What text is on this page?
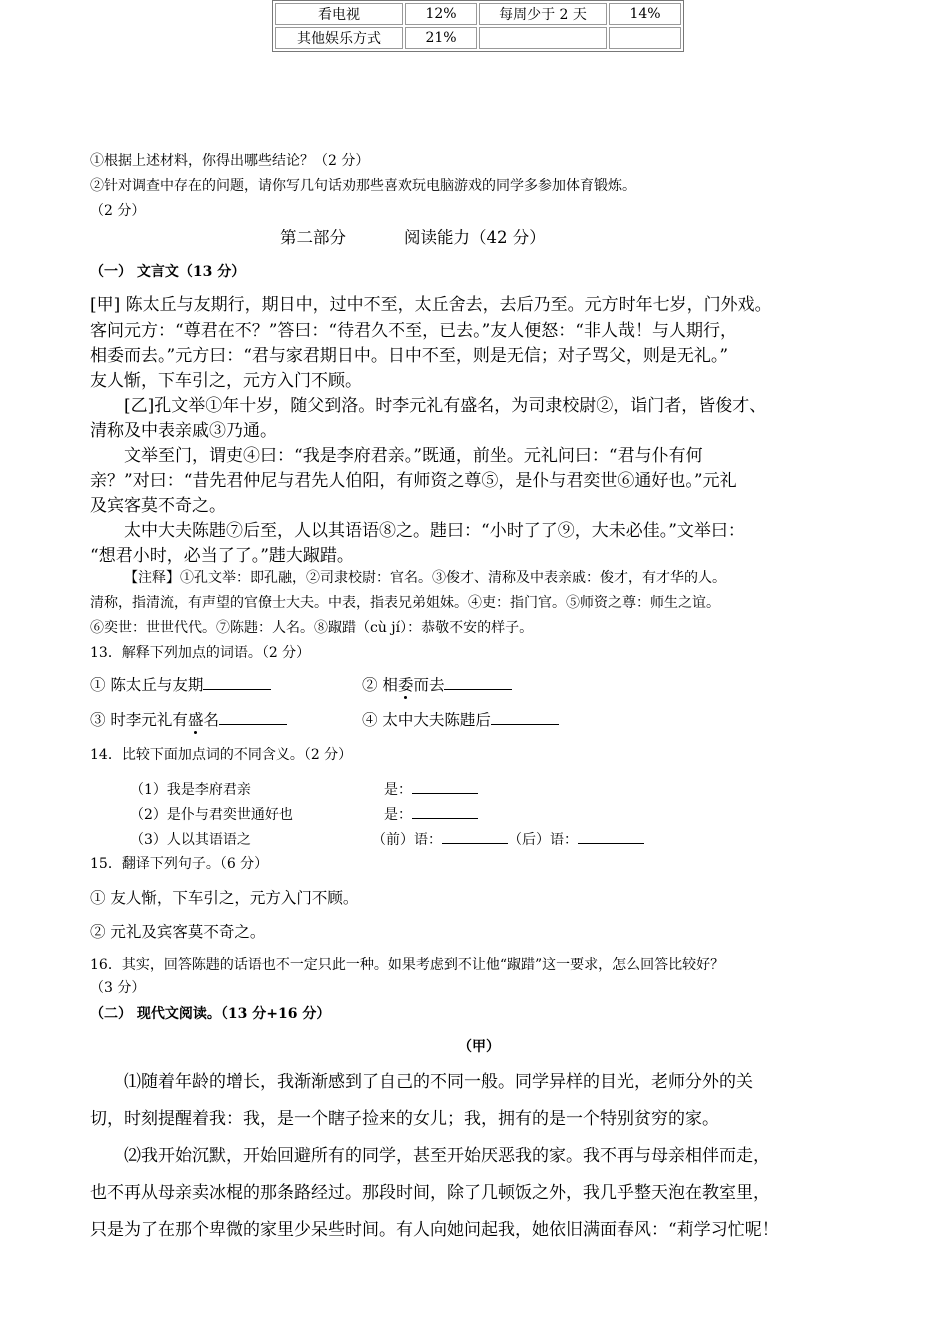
看电视	12%	每周少于 2 天	14%
其他娱乐方式	21%		
①根据上述材料，你得出哪些结论？（2 分）
②针对调查中存在的问题，请你写几句话劝那些喜欢玩电脑游戏的同学多参加体育锻炼。
（2 分）
第二部分	阅读能力（42 分）
（一） 文言文（13 分）
[甲] 陈太丘与友期行，期日中，过中不至，太丘舍去，去后乃至。元方时年七岁，门外戏。
客问元方：“尊君在不？”答曰：“待君久不至，已去。”友人便怒：“非人哉！与人期行，
相委而去。”元方曰：“君与家君期日中。日中不至，则是无信；对子骂父，则是无礼。”
友人惭，下车引之，元方入门不顾。
[乙]孔文举①年十岁，随父到洛。时李元礼有盛名，为司隶校尉②，诣门者，皆俊才、
清称及中表亲戚③乃通。
文举至门，谓吏④曰：“我是李府君亲。”既通，前坐。元礼问曰：“君与仆有何
亲？”对曰：“昔先君仲尼与君先人伯阳，有师资之尊⑤，是仆与君奕世⑥通好也。”元礼
及宾客莫不奇之。
太中大夫陈韪⑦后至，人以其语语⑧之。韪曰：“小时了了⑨，大未必佳。”文举曰：
“想君小时，必当了了。”韪大踧踖。
【注释】①孔文举：即孔融，②司隶校尉：官名。③俊才、清称及中表亲戚：俊才，有才华的人。
清称，指清流，有声望的官僚士大夫。中表，指表兄弟姐妹。④吏：指门官。⑤师资之尊：师生之谊。
⑥奕世：世世代代。⑦陈韪：人名。⑧踧踖（cù jí）：恭敬不安的样子。
13．解释下列加点的词语。（2 分）
① 陈太丘与友期	② 相委而去
③ 时李元礼有盛名	④ 太中大夫陈韪后
14．比较下面加点词的不同含义。（2 分）
（1）我是李府君亲	是：
（2）是仆与君奕世通好也	是：
（3）人以其语语之	（前）语：	（后）语：
15．翻译下列句子。（6 分）
① 友人惭，下车引之，元方入门不顾。
② 元礼及宾客莫不奇之。
16．其实，回答陈韪的话语也不一定只此一种。如果考虑到不让他“踧踖”这一要求，怎么回答比较好？
（3 分）
（二） 现代文阅读。（13 分+16 分）
（甲）
⑴随着年龄的增长，我渐渐感到了自己的不同一般。同学异样的目光，老师分外的关
切，时刻提醒着我：我，是一个瞎子捡来的女儿；我，拥有的是一个特别贫穷的家。
⑵我开始沉默，开始回避所有的同学，甚至开始厌恶我的家。我不再与母亲相伴而走，
也不再从母亲卖冰棍的那条路经过。那段时间，除了几顿饭之外，我几乎整天泡在教室里，
只是为了在那个卑微的家里少呆些时间。有人向她问起我，她依旧满面春风：“莉学习忙呢！
